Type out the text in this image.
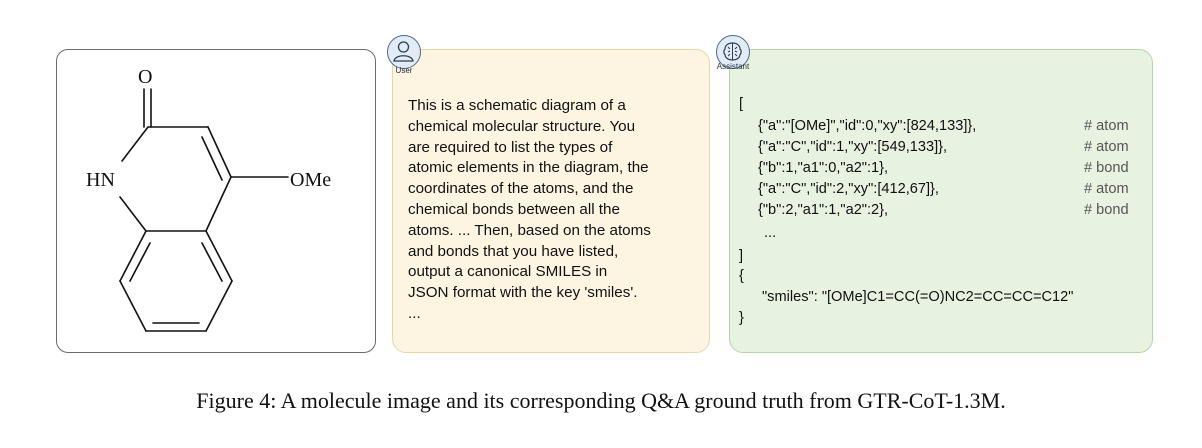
O
HN	OMe
User
This is a schematic diagram of a
chemical molecular structure. You
are required to list the types of
atomic elements in the diagram, the
coordinates of the atoms, and the
chemical bonds between all the
atoms. ... Then, based on the atoms
and bonds that you have listed,
output a canonical SMILES in
JSON format with the key 'smiles'.
...
Assistant
[
{"a":"[OMe]","id":0,"xy":[824,133]},	# atom
{"a":"C","id":1,"xy":[549,133]},	# atom
{"b":1,"a1":0,"a2":1},	# bond
{"a":"C","id":2,"xy":[412,67]},	# atom
{"b":2,"a1":1,"a2":2},	# bond
...
]
{
"smiles": "[OMe]C1=CC(=O)NC2=CC=CC=C12"
}
Figure 4: A molecule image and its corresponding Q&A ground truth from GTR-CoT-1.3M.
